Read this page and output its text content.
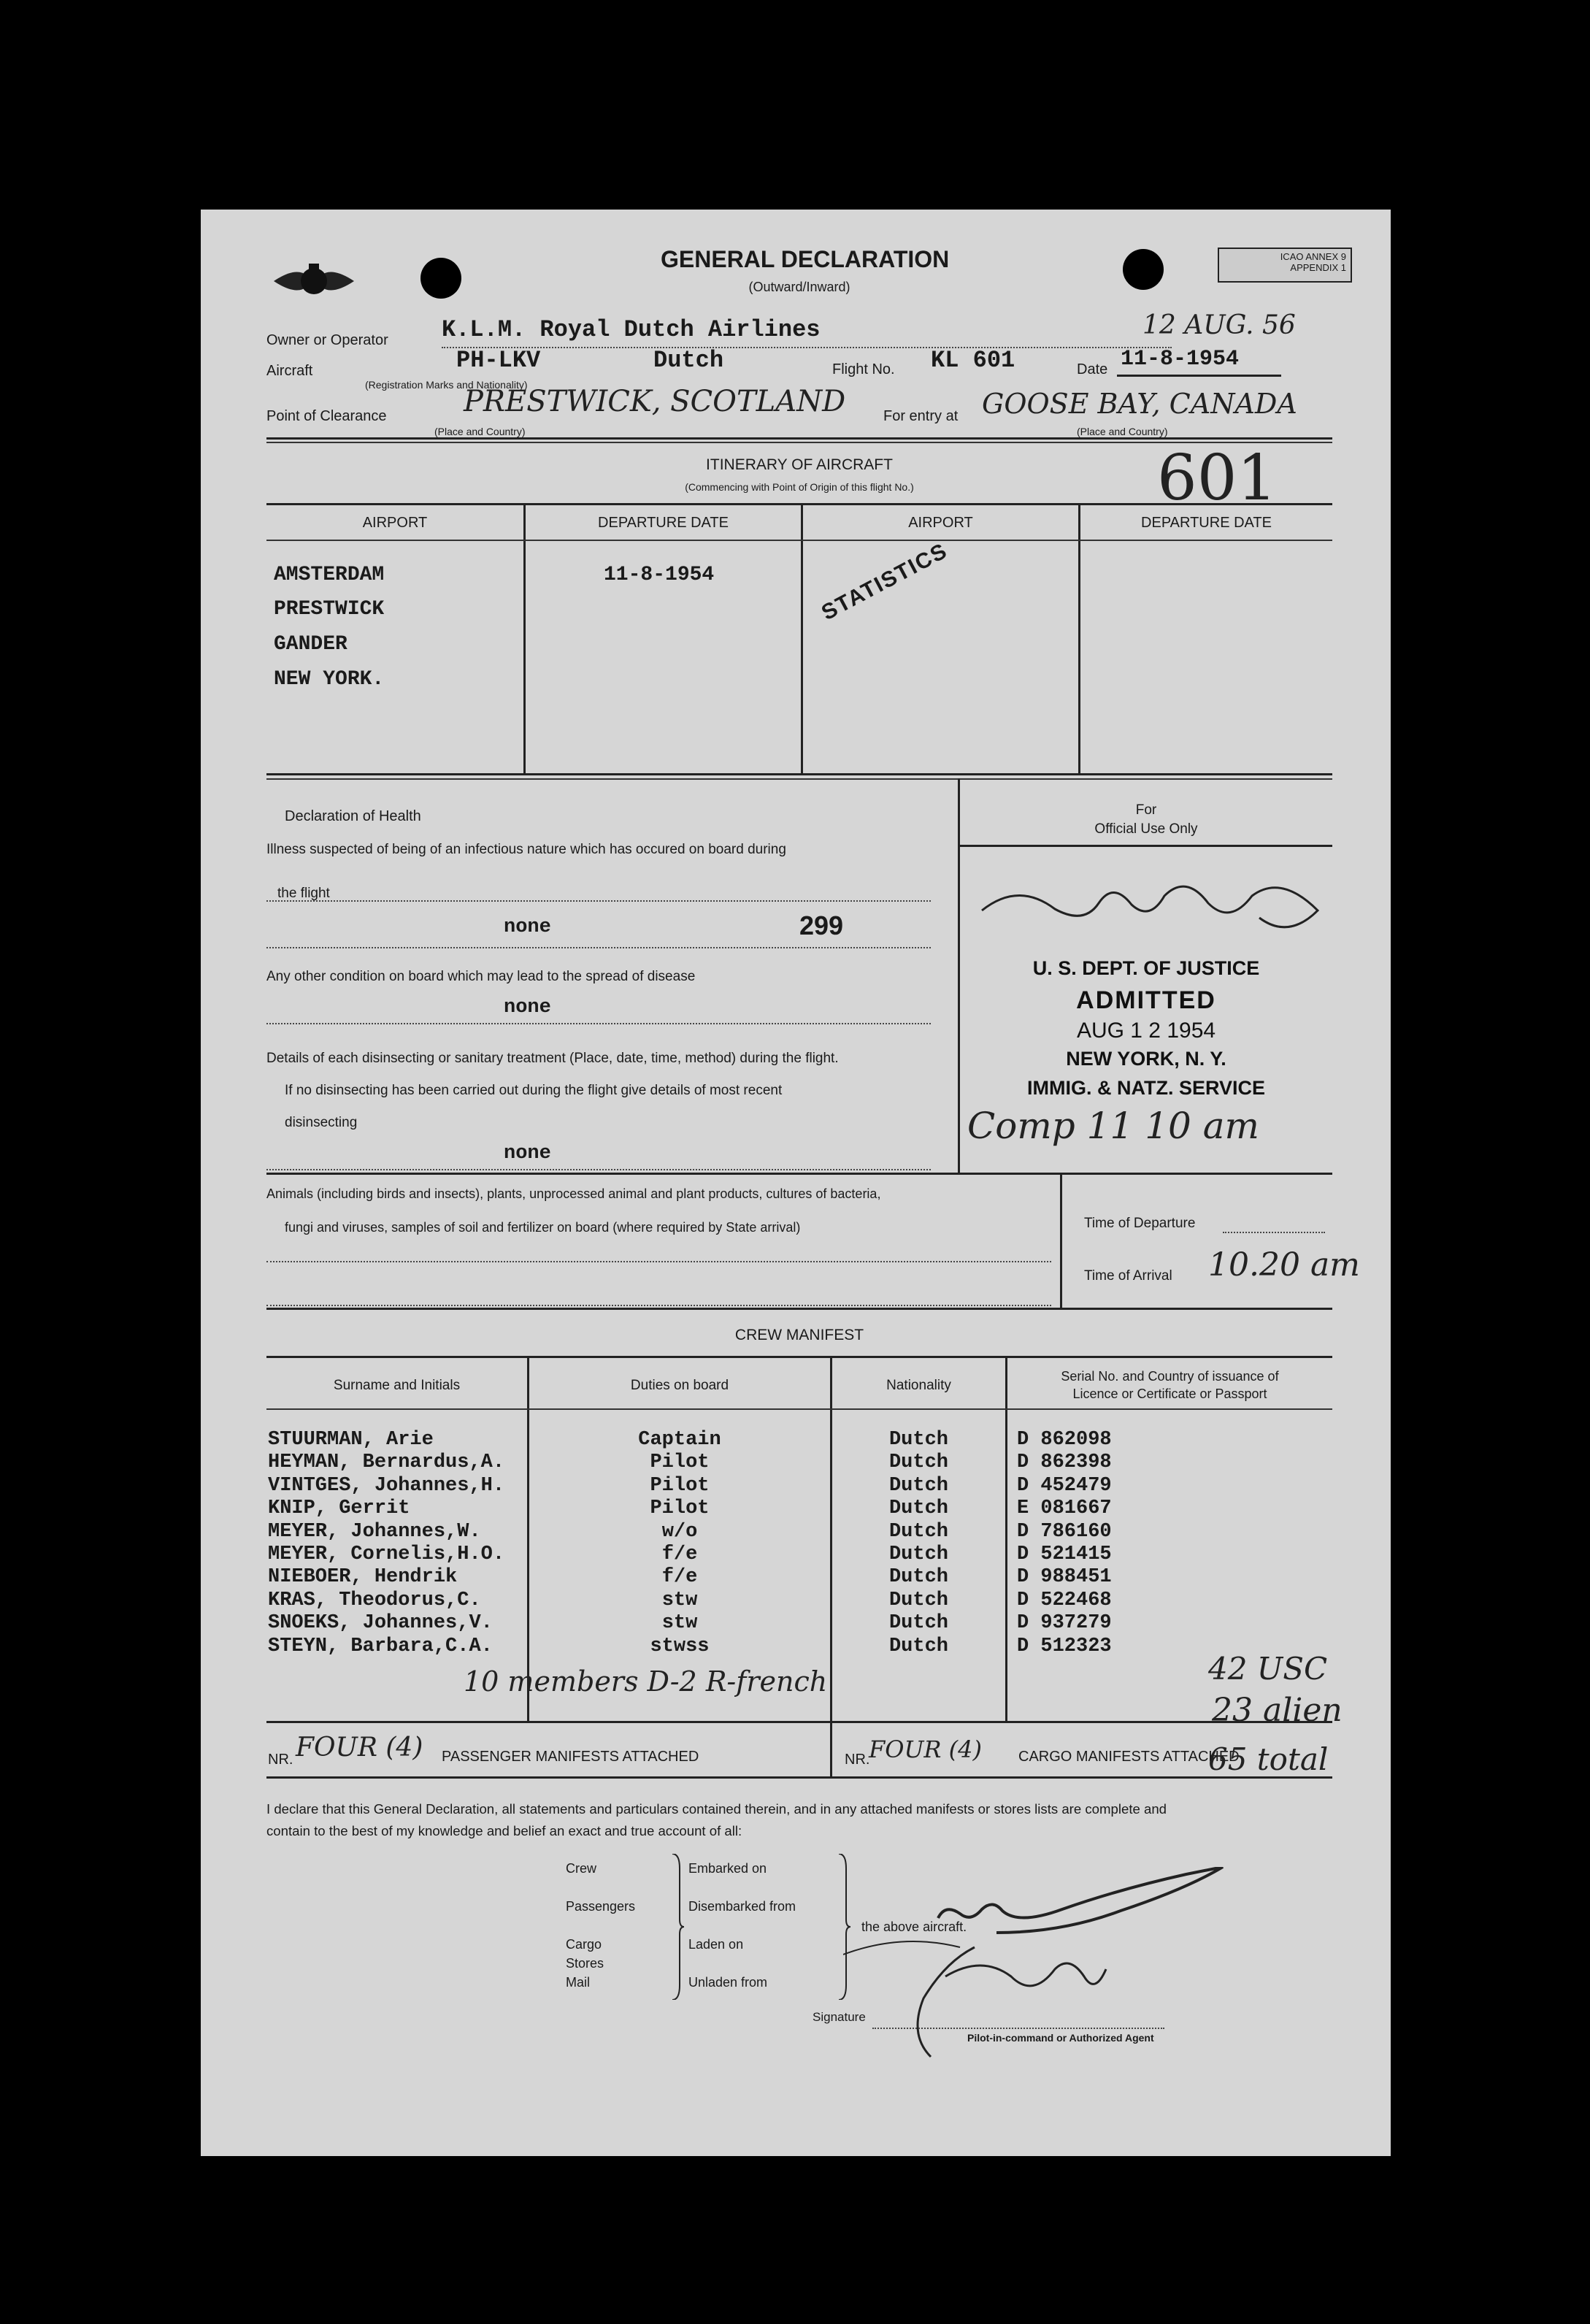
GENERAL DECLARATION
(Outward/Inward)
ICAO ANNEX 9
APPENDIX 1
Owner or Operator K.L.M. Royal Dutch Airlines	12 AUG. 56
Aircraft	PH-LKV	Dutch	Flight No. KL 601	Date 11-8-1954
(Registration Marks and Nationality)
Point of Clearance	PRESTWICK, SCOTLAND
(Place and Country)
For entry at GOOSE BAY, CANADA
(Place and Country)
ITINERARY OF AIRCRAFT
(Commencing with Point of Origin of this flight No.)	601
AIRPORT	DEPARTURE DATE	AIRPORT	DEPARTURE DATE
AMSTERDAM
PRESTWICK
GANDER
NEW YORK.
11-8-1954	STATISTICS
Declaration of Health
Illness suspected of being of an infectious nature which has occured on board during
the flight
none	299
Any other condition on board which may lead to the spread of disease
none
Details of each disinsecting or sanitary treatment (Place, date, time, method) during the flight.
If no disinsecting has been carried out during the flight give details of most recent
disinsecting
none
For
Official Use Only
U. S. DEPT. OF JUSTICE
ADMITTED
AUG 1 2 1954
NEW YORK, N. Y.
IMMIG. & NATZ. SERVICE
Comp 11 10 am
Animals (including birds and insects), plants, unprocessed animal and plant products, cultures of bacteria,
fungi and viruses, samples of soil and fertilizer on board (where required by State arrival)	Time of Departure
Time of Arrival 10.20 am
CREW MANIFEST
Surname and Initials	Duties on board	Nationality
Serial No. and Country of issuance of
Licence or Certificate or Passport
STUURMAN, Arie	Captain	Dutch	D 862098
HEYMAN, Bernardus,A.	Pilot	Dutch	D 862398
VINTGES, Johannes,H.	Pilot	Dutch	D 452479
KNIP, Gerrit	Pilot	Dutch	E 081667
MEYER, Johannes,W.	w/o	Dutch	D 786160
MEYER, Cornelis,H.O.	f/e	Dutch	D 521415
NIEBOER, Hendrik	f/e	Dutch	D 988451
KRAS, Theodorus,C.	stw	Dutch	D 522468
SNOEKS, Johannes,V.	stw	Dutch	D 937279
STEYN, Barbara,C.A.	stwss	Dutch	D 512323
10 members D-2 R-french	42 USC
23 alien
NR. FOUR (4) PASSENGER MANIFESTS ATTACHED	NR.
FOUR (4)	CARGO MANIFESTS ATTACHED
65 total
I declare that this General Declaration, all statements and particulars contained therein, and in any attached manifests or stores lists are complete and
contain to the best of my knowledge and belief an exact and true account of all:
Crew
Passengers
Cargo
Stores
Mail
Embarked on
Disembarked from
Laden on
Unladen from
the above aircraft.
Signature
Pilot-in-command or Authorized Agent
